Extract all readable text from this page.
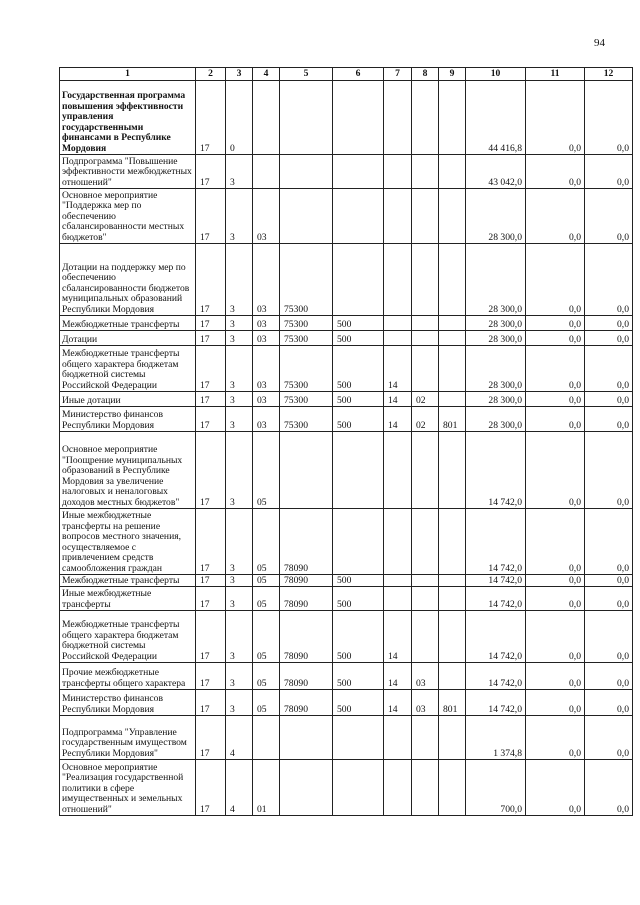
94
1	2	3	4	5	6	7	8	9	10	11	12
Государственная программа повышения эффективности управления государственными финансами в Республике Мордовия	17	0							44 416,8	0,0	0,0
Подпрограмма "Повышение эффективности межбюджетных отношений"	17	3							43 042,0	0,0	0,0
Основное мероприятие "Поддержка мер по обеспечению сбалансированности местных бюджетов"	17	3	03						28 300,0	0,0	0,0
Дотации на поддержку мер по обеспечению сбалансированности бюджетов муниципальных образований Республики Мордовия	17	3	03	75300					28 300,0	0,0	0,0
Межбюджетные трансферты	17	3	03	75300	500				28 300,0	0,0	0,0
Дотации	17	3	03	75300	500				28 300,0	0,0	0,0
Межбюджетные трансферты общего характера бюджетам бюджетной системы Российской Федерации	17	3	03	75300	500	14			28 300,0	0,0	0,0
Иные дотации	17	3	03	75300	500	14	02		28 300,0	0,0	0,0
Министерство финансов Республики Мордовия	17	3	03	75300	500	14	02	801	28 300,0	0,0	0,0
Основное мероприятие "Поощрение муниципальных образований в Республике Мордовия за увеличение налоговых и неналоговых доходов местных бюджетов"	17	3	05						14 742,0	0,0	0,0
Иные межбюджетные трансферты на решение вопросов местного значения, осуществляемое с привлечением средств самообложения граждан	17	3	05	78090					14 742,0	0,0	0,0
Межбюджетные трансферты	17	3	05	78090	500				14 742,0	0,0	0,0
Иные межбюджетные трансферты	17	3	05	78090	500				14 742,0	0,0	0,0
Межбюджетные трансферты общего характера бюджетам бюджетной системы Российской Федерации	17	3	05	78090	500	14			14 742,0	0,0	0,0
Прочие межбюджетные трансферты общего характера	17	3	05	78090	500	14	03		14 742,0	0,0	0,0
Министерство финансов Республики Мордовия	17	3	05	78090	500	14	03	801	14 742,0	0,0	0,0
Подпрограмма "Управление государственным имуществом Республики Мордовия"	17	4							1 374,8	0,0	0,0
Основное мероприятие "Реализация государственной политики в сфере имущественных и земельных отношений"	17	4	01						700,0	0,0	0,0
